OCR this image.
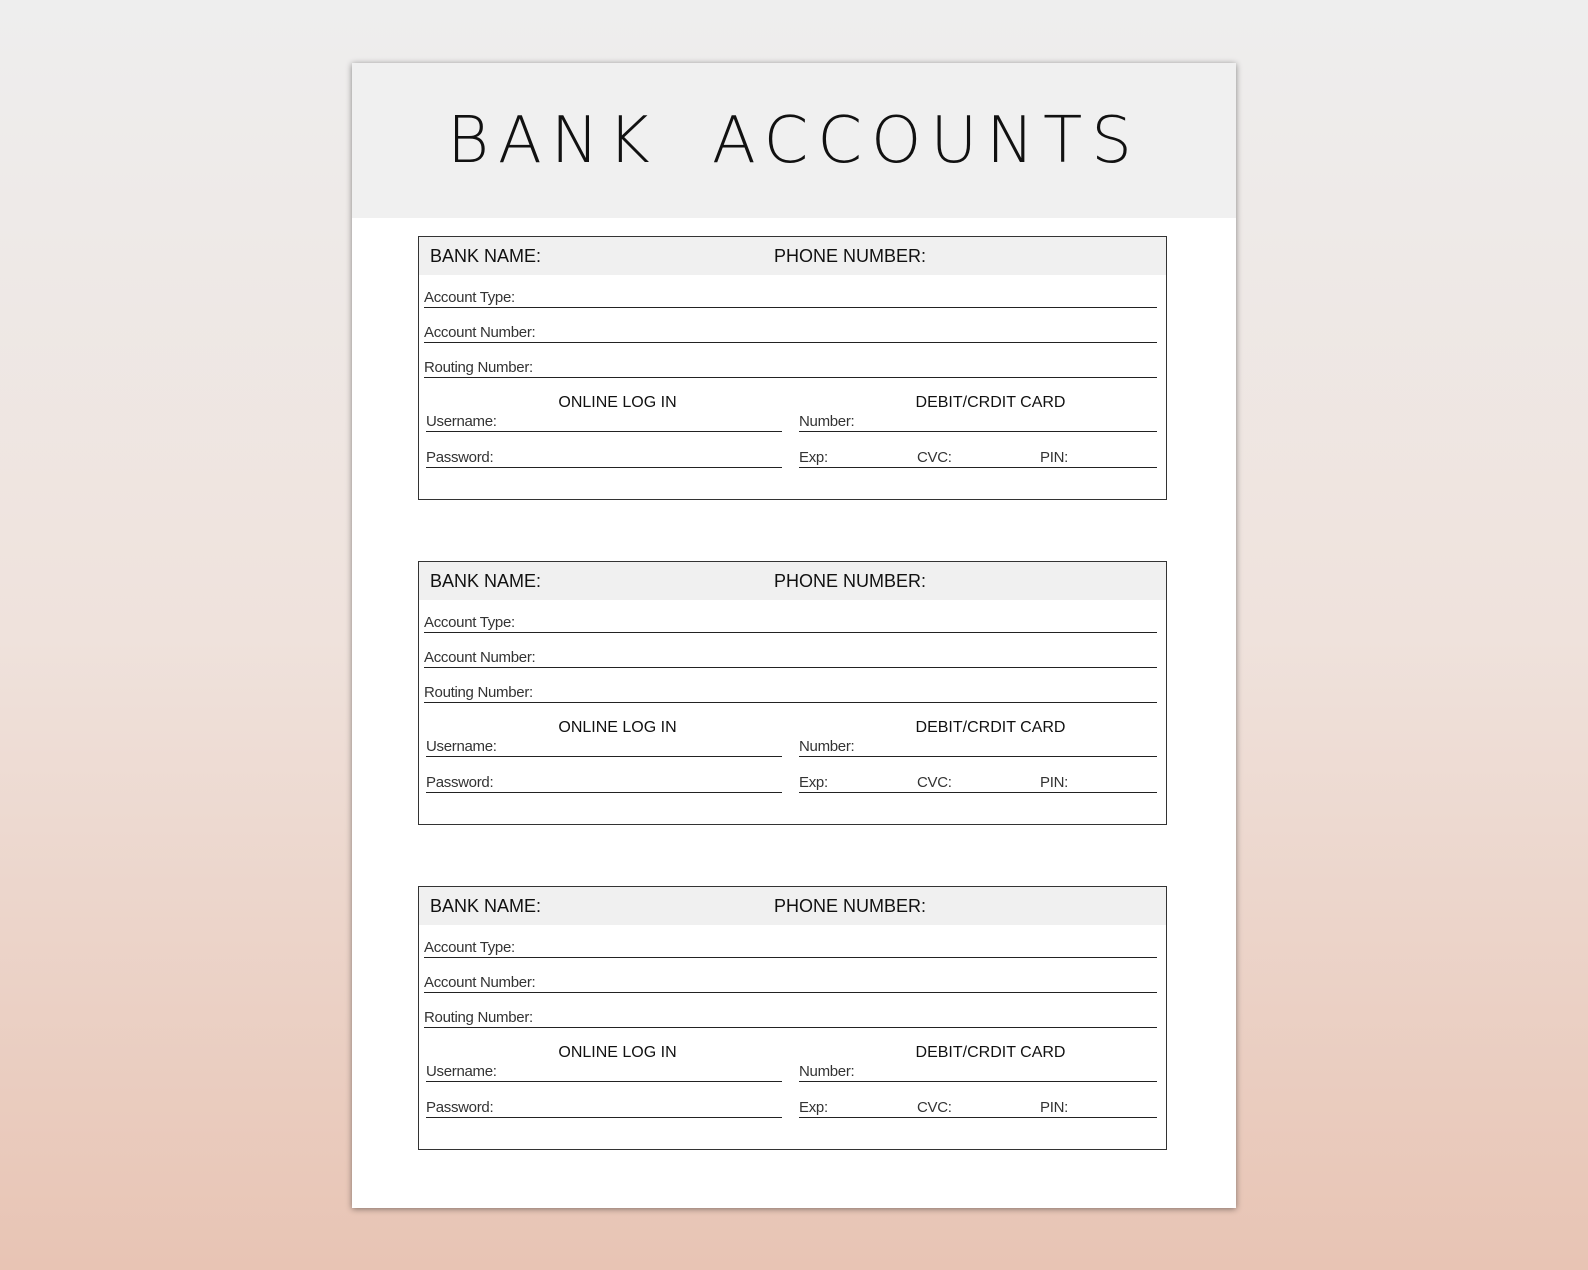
BANK ACCOUNTS
BANK NAME:	PHONE NUMBER:
Account Type:
Account Number:
Routing Number:
ONLINE LOG IN
Username:
Password:
DEBIT/CRDIT CARD
Number:
Exp:	CVC:	PIN:
BANK NAME:	PHONE NUMBER:
Account Type:
Account Number:
Routing Number:
ONLINE LOG IN
Username:
Password:
DEBIT/CRDIT CARD
Number:
Exp:	CVC:	PIN:
BANK NAME:	PHONE NUMBER:
Account Type:
Account Number:
Routing Number:
ONLINE LOG IN
Username:
Password:
DEBIT/CRDIT CARD
Number:
Exp:	CVC:	PIN:
